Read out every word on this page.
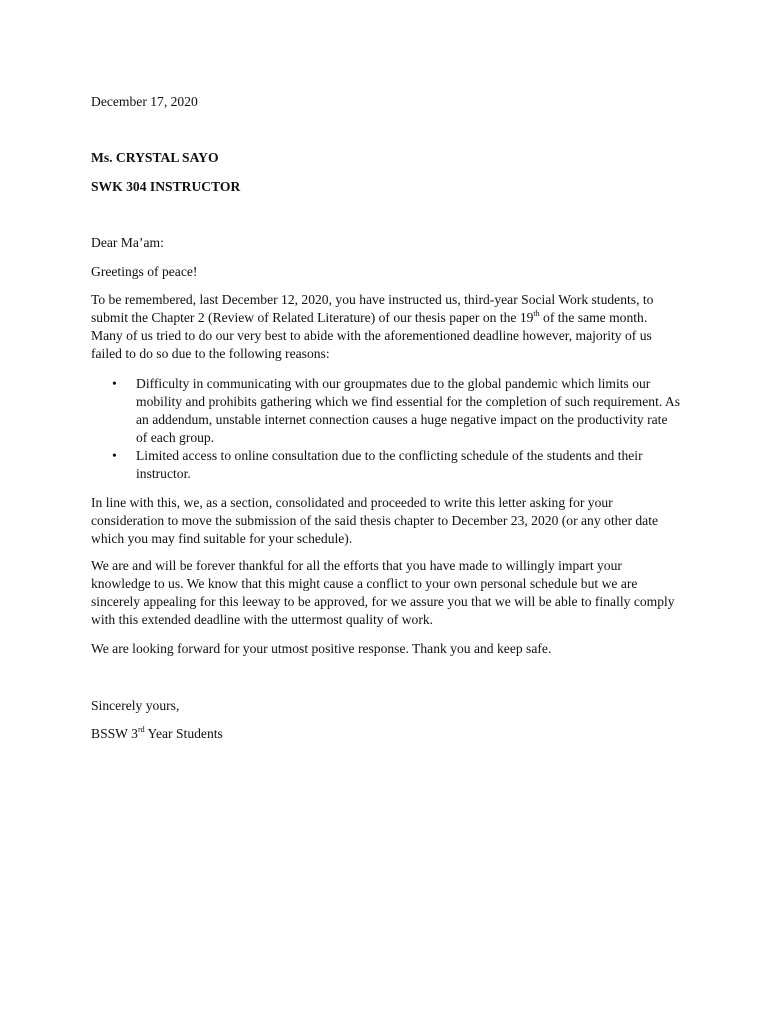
December 17, 2020

Ms. CRYSTAL SAYO

SWK 304 INSTRUCTOR

Dear Ma’am:

Greetings of peace!

To be remembered, last December 12, 2020, you have instructed us, third-year Social Work students, to submit the Chapter 2 (Review of Related Literature) of our thesis paper on the 19th of the same month. Many of us tried to do our very best to abide with the aforementioned deadline however, majority of us failed to do so due to the following reasons:

• Difficulty in communicating with our groupmates due to the global pandemic which limits our mobility and prohibits gathering which we find essential for the completion of such requirement. As an addendum, unstable internet connection causes a huge negative impact on the productivity rate of each group.
• Limited access to online consultation due to the conflicting schedule of the students and their instructor.

In line with this, we, as a section, consolidated and proceeded to write this letter asking for your consideration to move the submission of the said thesis chapter to December 23, 2020 (or any other date which you may find suitable for your schedule).

We are and will be forever thankful for all the efforts that you have made to willingly impart your knowledge to us. We know that this might cause a conflict to your own personal schedule but we are sincerely appealing for this leeway to be approved, for we assure you that we will be able to finally comply with this extended deadline with the uttermost quality of work.

We are looking forward for your utmost positive response. Thank you and keep safe.

Sincerely yours,

BSSW 3rd Year Students
